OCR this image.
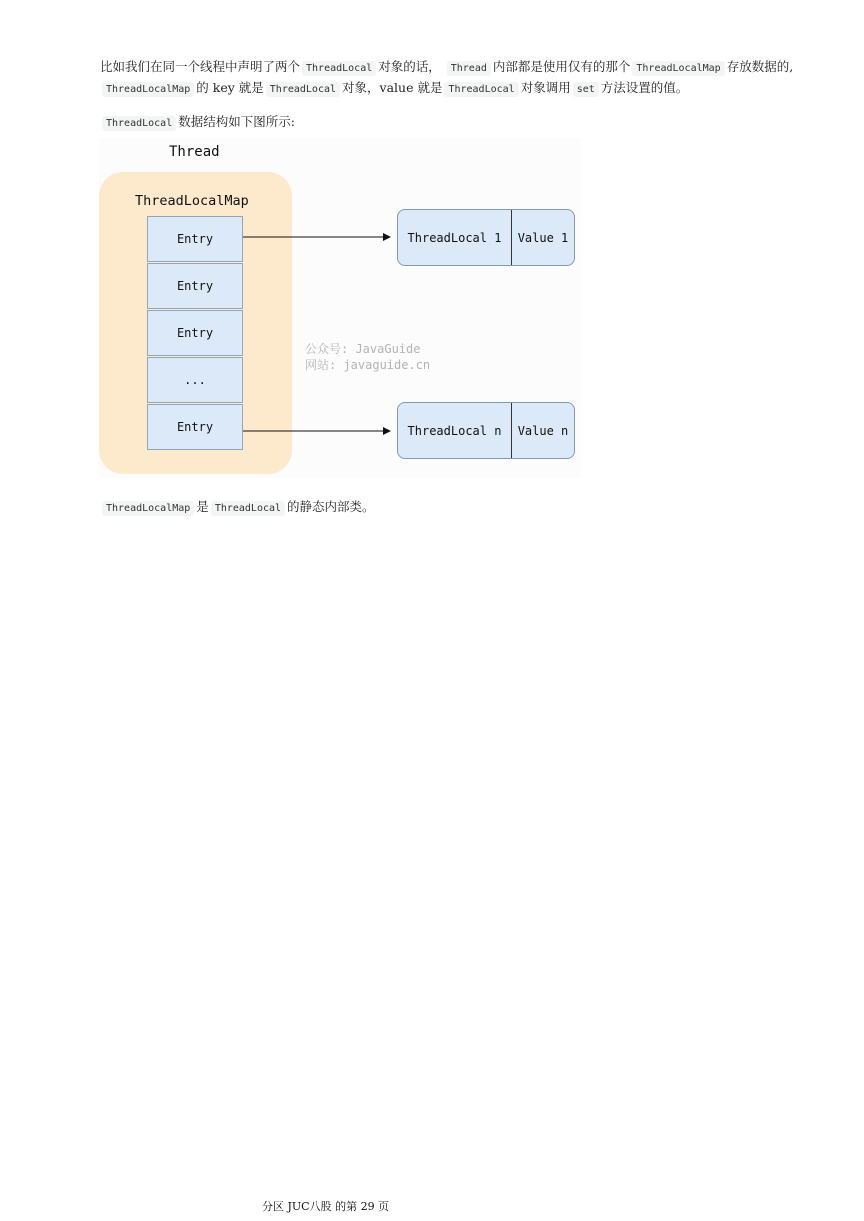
比如我们在同一个线程中声明了两个 ThreadLocal 对象的话， Thread 内部都是使用仅有的那个 ThreadLocalMap 存放数据的,
ThreadLocalMap 的 key 就是 ThreadLocal 对象，value 就是 ThreadLocal 对象调用 set 方法设置的值。
ThreadLocal 数据结构如下图所示:
Thread
ThreadLocalMap
Entry
Entry
Entry
...
Entry
ThreadLocal 1	Value 1
ThreadLocal n	Value n
公众号: JavaGuide
网站: javaguide.cn
ThreadLocalMap 是 ThreadLocal 的静态内部类。
分区 JUC八股 的第 29 页
